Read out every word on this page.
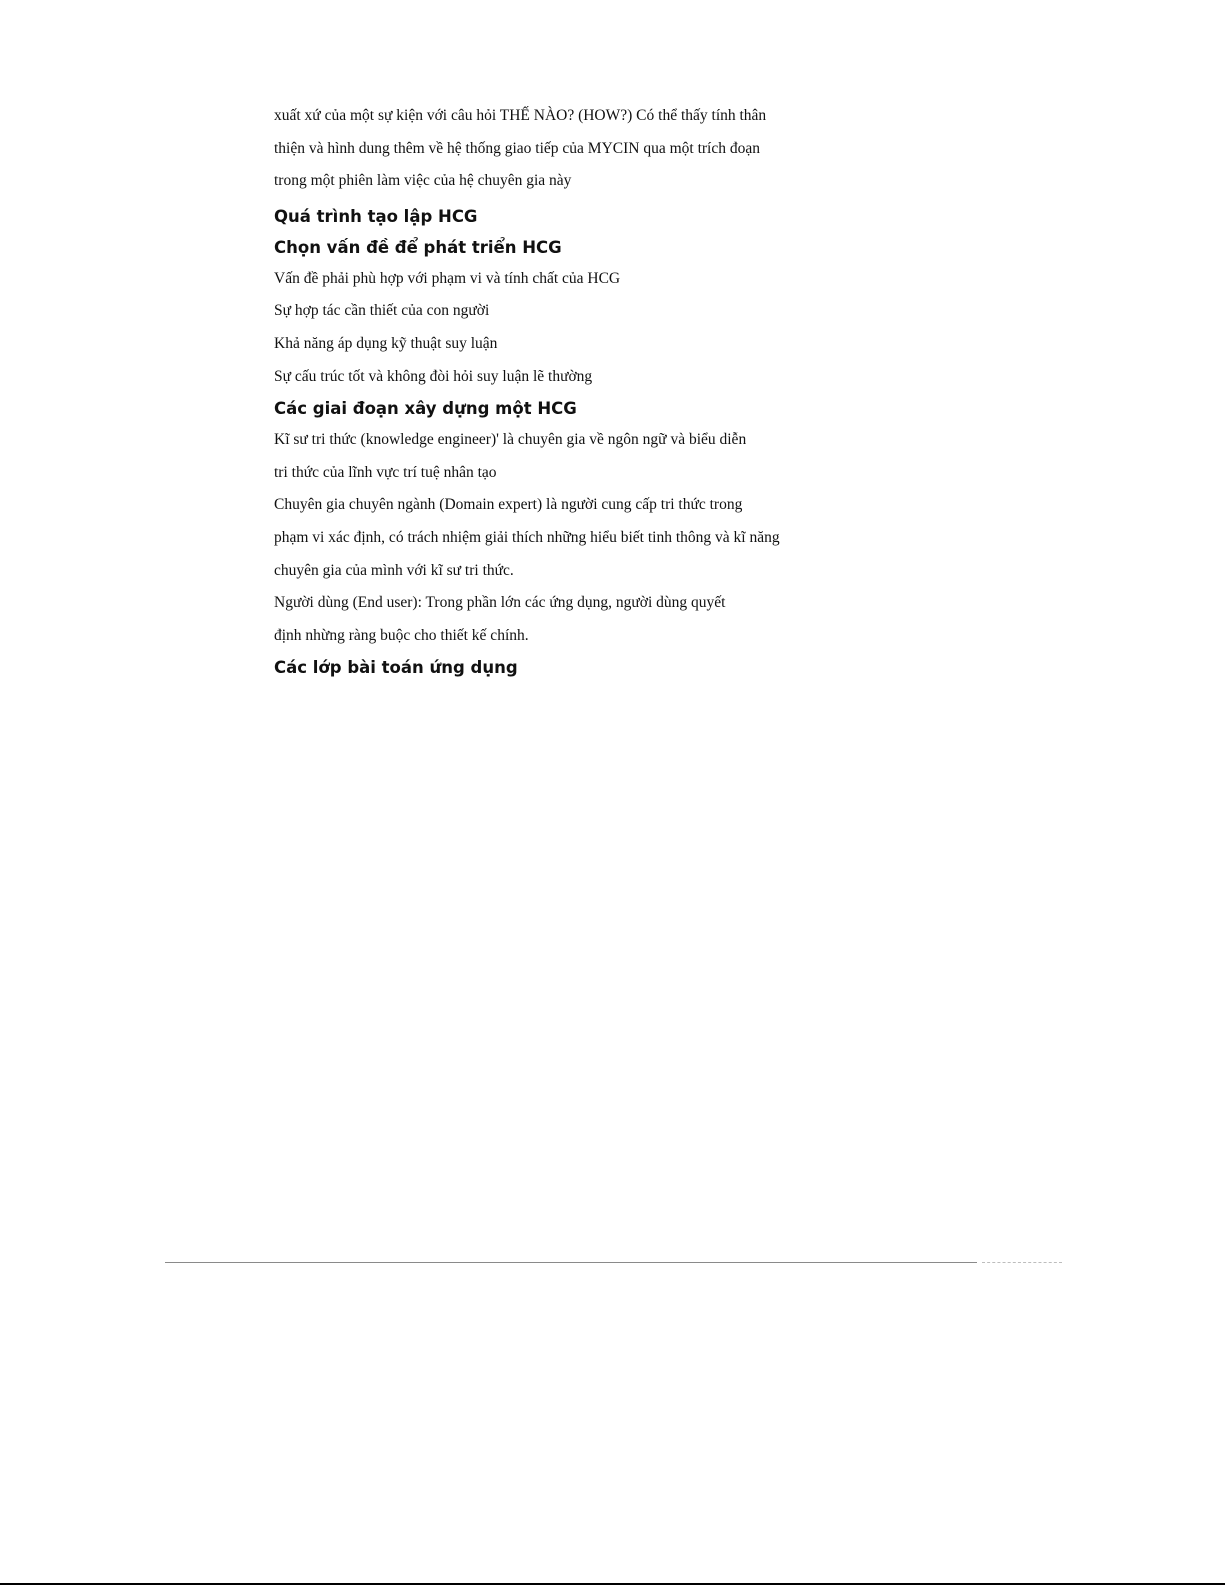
xuất xứ của một sự kiện với câu hỏi THẾ NÀO? (HOW?) Có thể thấy tính thân
thiện và hình dung thêm về hệ thống giao tiếp của MYCIN qua một trích đoạn
trong một phiên làm việc của hệ chuyên gia này
Quá trình tạo lập HCG
Chọn vấn đề để phát triển HCG
Vấn đề phải phù hợp với phạm vi và tính chất của HCG
Sự hợp tác cần thiết của con người
Khả năng áp dụng kỹ thuật suy luận
Sự cấu trúc tốt và không đòi hỏi suy luận lẽ thường
Các giai đoạn xây dựng một HCG
Kĩ sư tri thức (knowledge engineer)' là chuyên gia về ngôn ngữ và biểu diễn
tri thức của lĩnh vực trí tuệ nhân tạo
Chuyên gia chuyên ngành (Domain expert) là người cung cấp tri thức trong
phạm vi xác định, có trách nhiệm giải thích những hiểu biết tinh thông và kĩ năng
chuyên gia của mình với kĩ sư tri thức.
Người dùng (End user): Trong phần lớn các ứng dụng, người dùng quyết
định nhừng ràng buộc cho thiết kế chính.
Các lớp bài toán ứng dụng
